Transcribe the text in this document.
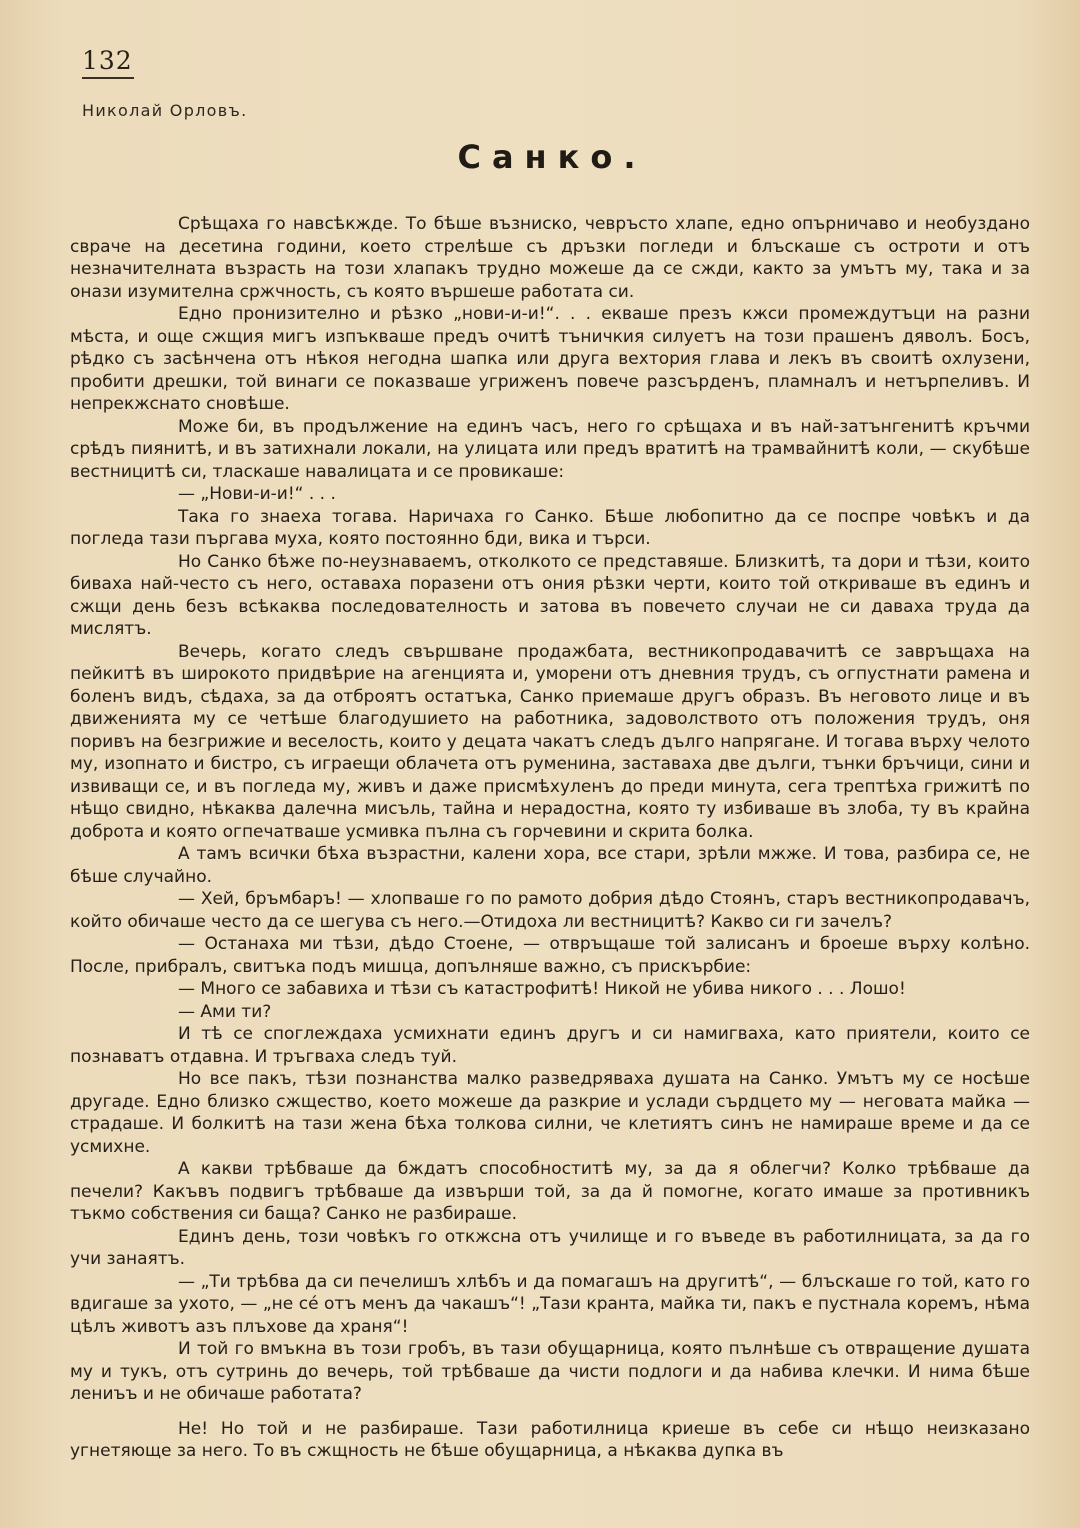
132
Николай Орловъ.
Санко.

Срѣщаха го навсѣкжде. То бѣше възниско, чевръсто хлапе, едно опърничаво и необуздано свраче на десетина години, което стрелѣше съ дръзки погледи и блъскаше съ остроти и отъ незначителната възрасть на този хлапакъ трудно можеше да се сжди, както за умътъ му, така и за онази изумителна сржчность, съ която вършеше работата си.

Едно пронизително и рѣзко „нови-и-и!“. . . екваше презъ кжси промеждутъци на разни мѣста, и още сжщия мигъ изпъкваше предъ очитѣ тъничкия силуетъ на този прашенъ дяволъ. Босъ, рѣдко съ засѣнчена отъ нѣкоя негодна шапка или друга вехтория глава и лекъ въ своитѣ охлузени, пробити дрешки, той винаги се показваше угриженъ повече разсърденъ, пламналъ и нетърпеливъ. И непрекжснато сновѣше.

Може би, въ продължение на единъ часъ, него го срѣщаха и въ най-затънгенитѣ кръчми срѣдъ пиянитѣ, и въ затихнали локали, на улицата или предъ вратитѣ на трамвайнитѣ коли, — скубѣше вестницитѣ си, тласкаше навалицата и се провикаше:

— „Нови-и-и!“ . . .

Така го знаеха тогава. Наричаха го Санко. Бѣше любопитно да се поспре човѣкъ и да погледа тази пъргава муха, която постоянно бди, вика и търси.

Но Санко бѣже по-неузнаваемъ, отколкото се представяше. Близкитѣ, та дори и тѣзи, които биваха най-често съ него, оставаха поразени отъ ония рѣзки черти, които той откриваше въ единъ и сжщи день безъ всѣкаква последователность и затова въ повечето случаи не си даваха труда да мислятъ.

Вечерь, когато следъ свършване продажбата, вестникопродавачитѣ се завръщаха на пейкитѣ въ широкото придвѣрие на агенцията и, уморени отъ дневния трудъ, съ огпустнати рамена и боленъ видъ, сѣдаха, за да отброятъ остатъка, Санко приемаше другъ образъ. Въ неговото лице и въ движенията му се четѣше благодушието на работника, задоволството отъ положения трудъ, оня поривъ на безгрижие и веселость, които у децата чакатъ следъ дълго напрягане. И тогава върху челото му, изопнато и бистро, съ играещи облачета отъ руменина, заставаха две дълги, тънки бръчици, сини и извиващи се, и въ погледа му, живъ и даже присмѣхуленъ до преди минута, сега трептѣха грижитѣ по нѣщо свидно, нѣкаква далечна мисъль, тайна и нерадостна, която ту избиваше въ злоба, ту въ крайна доброта и която огпечатваше усмивка пълна съ горчевини и скрита болка.

А тамъ всички бѣха възрастни, калени хора, все стари, зрѣли мжже. И това, разбира се, не бѣше случайно.

— Хей, бръмбаръ! — хлопваше го по рамото добрия дѣдо Стоянъ, старъ вестникопродавачъ, който обичаше често да се шегува съ него.—Отидоха ли вестницитѣ? Какво си ги зачелъ?

— Останаха ми тѣзи, дѣдо Стоене, — отвръщаше той залисанъ и броеше върху колѣно. После, прибралъ, свитъка подъ мишца, допълняше важно, съ прискърбие:

— Много се забавиха и тѣзи съ катастрофитѣ! Никой не убива никого . . . Лошо!

— Ами ти?

И тѣ се споглеждаха усмихнати единъ другъ и си намигваха, като приятели, които се познаватъ отдавна. И тръгваха следъ туй.

Но все пакъ, тѣзи познанства малко разведряваха душата на Санко. Умътъ му се носѣше другаде. Едно близко сжщество, което можеше да разкрие и услади сърдцето му — неговата майка — страдаше. И болкитѣ на тази жена бѣха толкова силни, че клетиятъ синъ не намираше време и да се усмихне.

А какви трѣбваше да бждатъ способноститѣ му, за да я облегчи? Колко трѣбваше да печели? Какъвъ подвигъ трѣбваше да извърши той, за да й помогне, когато имаше за противникъ тъкмо собствения си баща? Санко не разбираше.

Единъ день, този човѣкъ го откжсна отъ училище и го въведе въ работилницата, за да го учи занаятъ.

— „Ти трѣбва да си печелишъ хлѣбъ и да помагашъ на другитѣ“, — блъскаше го той, като го вдигаше за ухото, — „не сé отъ менъ да чакашъ“! „Тази кранта, майка ти, пакъ е пустнала коремъ, нѣма цѣлъ животъ азъ плъхове да храня“!

И той го вмъкна въ този гробъ, въ тази обущарница, която пълнѣше съ отвращение душата му и тукъ, отъ сутринь до вечерь, той трѣбваше да чисти подлоги и да набива клечки. И нима бѣше лениъъ и не обичаше работата?

Не! Но той и не разбираше. Тази работилница криеше въ себе си нѣщо неизказано угнетяюще за него. То въ сжщность не бѣше обущарница, а нѣкаква дупка въ
